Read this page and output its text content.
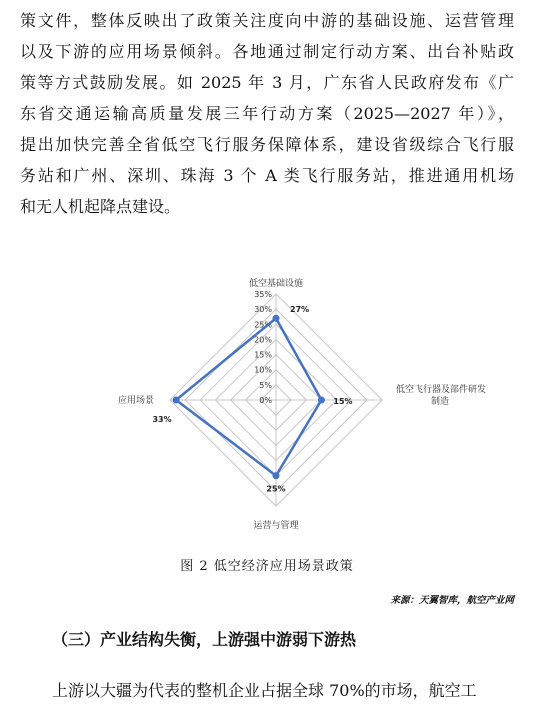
策文件，整体反映出了政策关注度向中游的基础设施、运营管理
以及下游的应用场景倾斜。各地通过制定行动方案、出台补贴政
策等方式鼓励发展。如 2025 年 3 月，广东省人民政府发布《广
东省交通运输高质量发展三年行动方案（2025—2027 年）》，
提出加快完善全省低空飞行服务保障体系，建设省级综合飞行服
务站和广州、深圳、珠海 3 个 A 类飞行服务站，推进通用机场
和无人机起降点建设。
0%
5%
10%
15%
20%
25%
30%
35%
27%
15%
25%
33%
低空基础设施
低空飞行器及部件研发
制造
运营与管理
应用场景
图 2 低空经济应用场景政策
来源：天翼智库，航空产业网
（三）产业结构失衡，上游强中游弱下游热
上游以大疆为代表的整机企业占据全球 70%的市场，航空工
